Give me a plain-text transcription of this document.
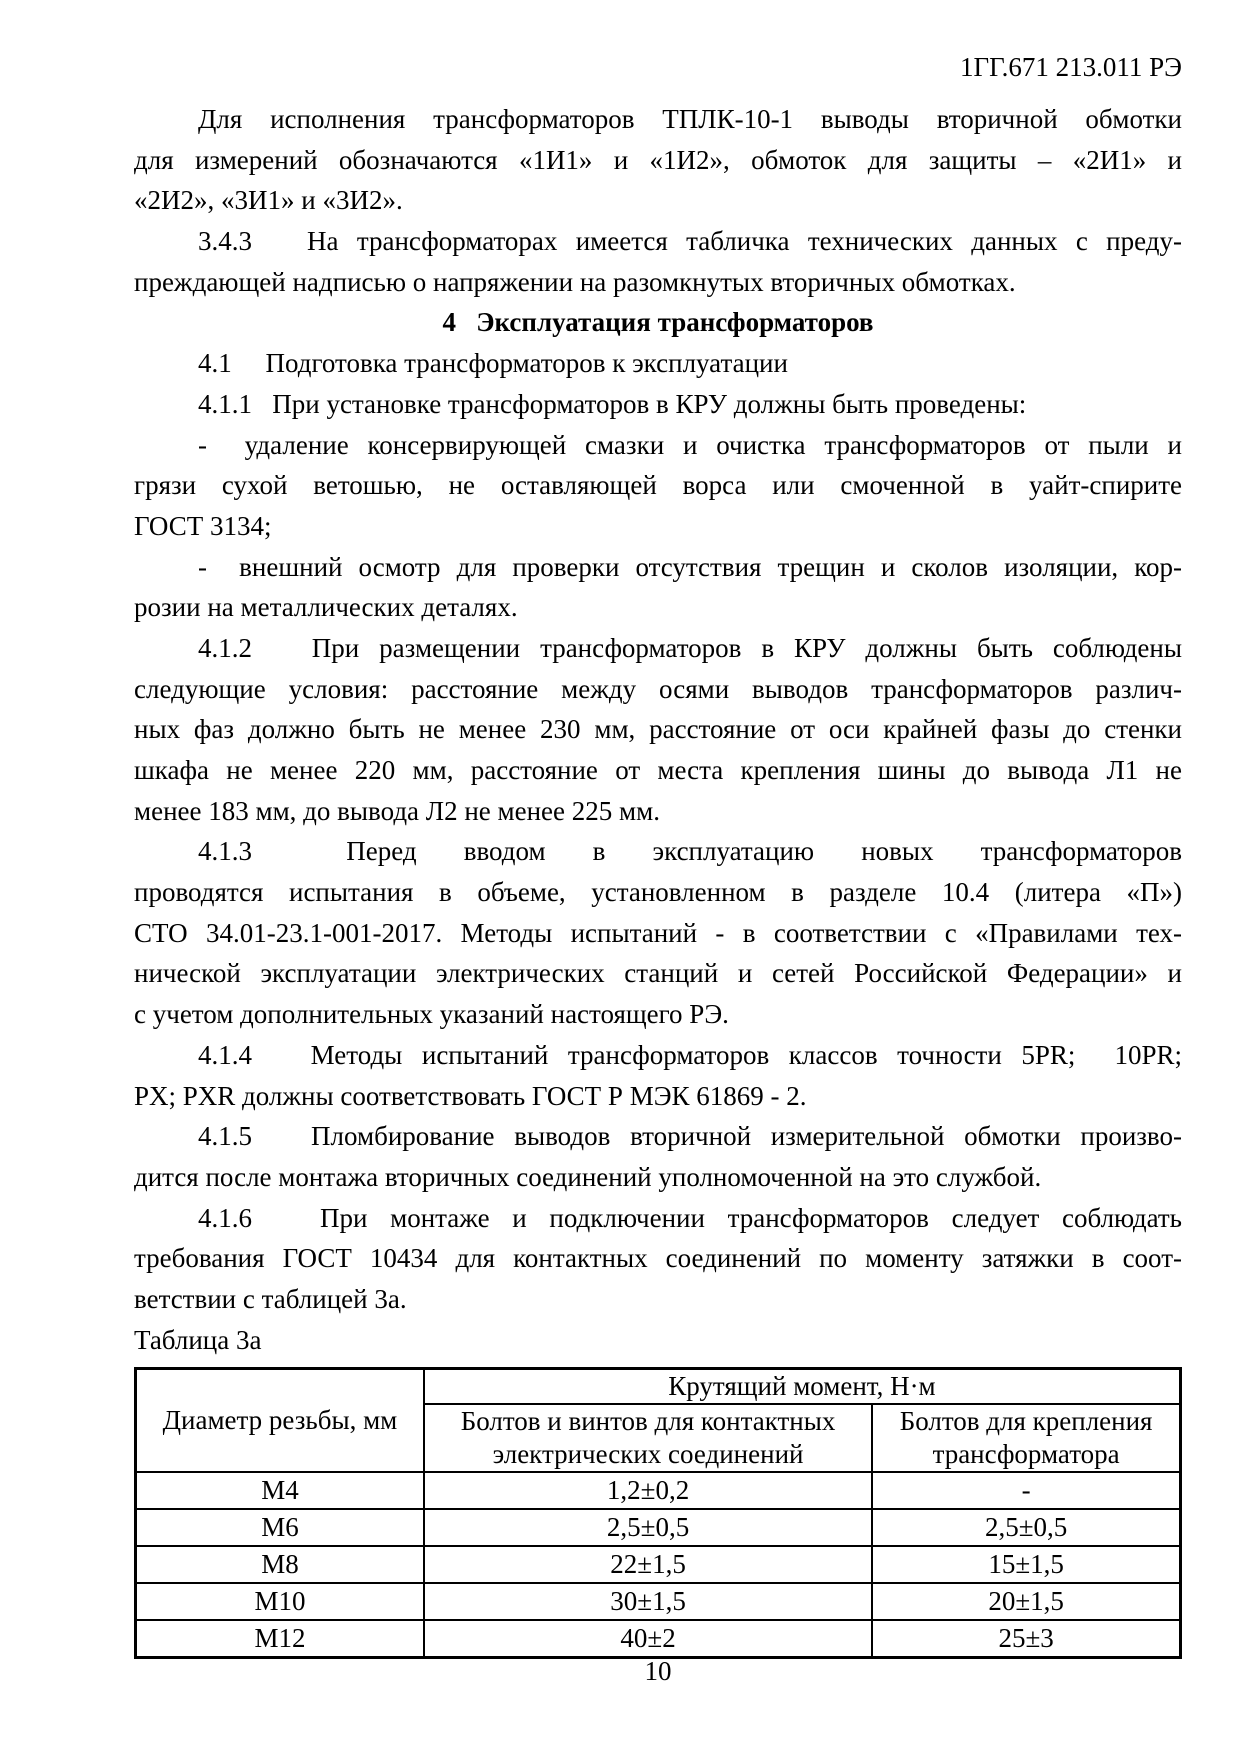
1ГГ.671 213.011 РЭ
Для исполнения трансформаторов ТПЛК-10-1 выводы вторичной обмотки
для измерений обозначаются «1И1» и «1И2», обмоток для защиты – «2И1» и
«2И2», «3И1» и «3И2».
3.4.3   На трансформаторах имеется табличка технических данных с преду-
преждающей надписью о напряжении на разомкнутых вторичных обмотках.
4   Эксплуатация трансформаторов
4.1     Подготовка трансформаторов к эксплуатации
4.1.1   При установке трансформаторов в КРУ должны быть проведены:
-  удаление консервирующей смазки и очистка трансформаторов от пыли и
грязи сухой ветошью, не оставляющей ворса или смоченной в уайт-спирите
ГОСТ 3134;
-  внешний осмотр для проверки отсутствия трещин и сколов изоляции, кор-
розии на металлических деталях.
4.1.2   При размещении трансформаторов в КРУ должны быть соблюдены
следующие условия: расстояние между осями выводов трансформаторов различ-
ных фаз должно быть не менее 230 мм, расстояние от оси крайней фазы до стенки
шкафа не менее 220 мм, расстояние от места крепления шины до вывода Л1 не
менее 183 мм, до вывода Л2 не менее 225 мм.
4.1.3  Перед вводом в эксплуатацию новых трансформаторов
проводятся испытания в объеме, установленном в разделе 10.4 (литера «П»)
СТО 34.01-23.1-001-2017. Методы испытаний - в соответствии с «Правилами тех-
нической эксплуатации электрических станций и сетей Российской Федерации» и
с учетом дополнительных указаний настоящего РЭ.
4.1.4   Методы испытаний трансформаторов классов точности 5PR;  10PR;
PX; PXR должны соответствовать ГОСТ Р МЭК 61869 - 2.
4.1.5   Пломбирование выводов вторичной измерительной обмотки произво-
дится после монтажа вторичных соединений уполномоченной на это службой.
4.1.6   При монтаже и подключении трансформаторов следует соблюдать
требования ГОСТ 10434 для контактных соединений по моменту затяжки в соот-
ветствии с таблицей 3а.
Таблица 3а
Диаметр резьбы, мм	Крутящий момент, Н·м	
	Болтов и винтов для контактных электрических соединений	Болтов для крепления трансформатора
М4	1,2±0,2	-
М6	2,5±0,5	2,5±0,5
М8	22±1,5	15±1,5
М10	30±1,5	20±1,5
М12	40±2	25±3
10
